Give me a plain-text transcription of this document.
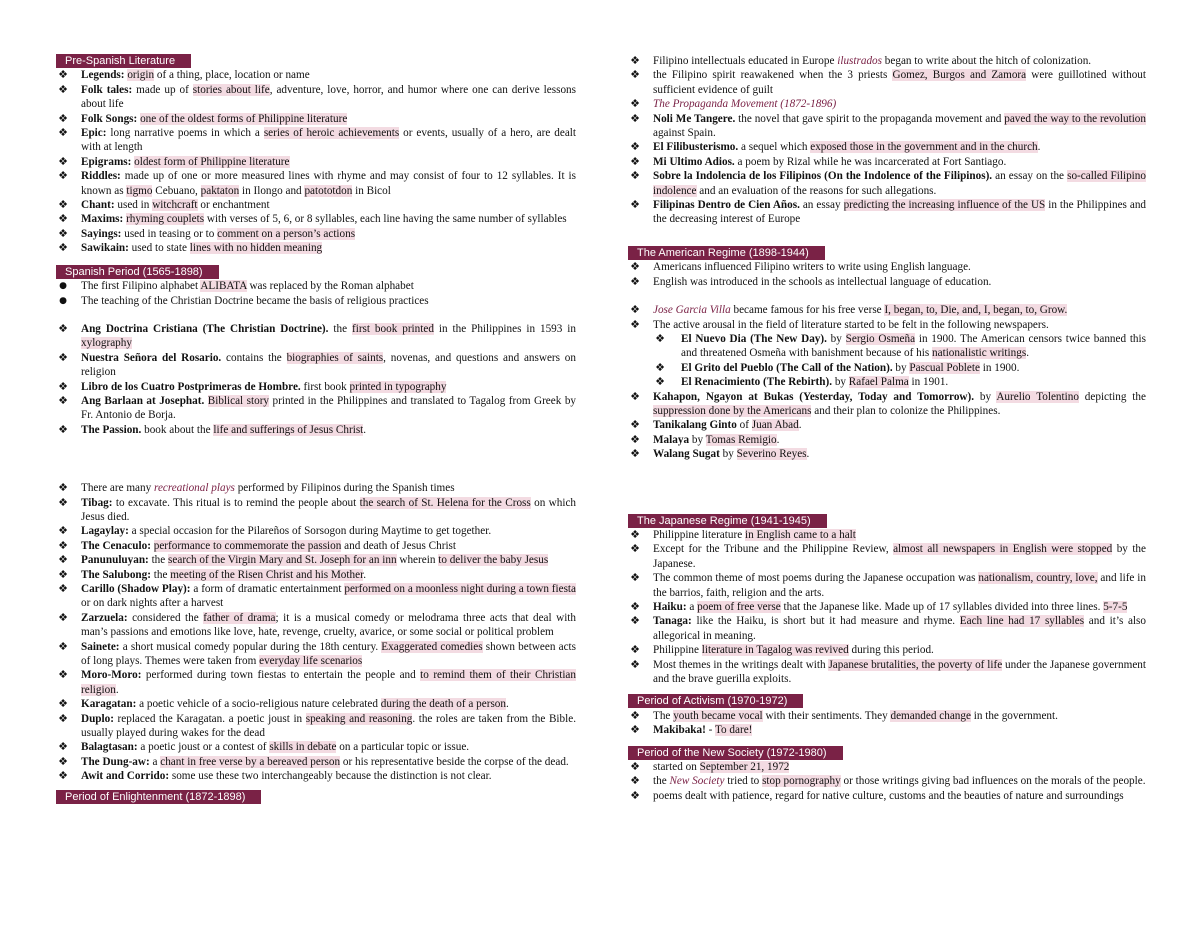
Pre-Spanish Literature
❖ Legends: origin of a thing, place, location or name
❖ Folk tales: made up of stories about life, adventure, love, horror, and humor where one can derive lessons about life
❖ Folk Songs: one of the oldest forms of Philippine literature
❖ Epic: long narrative poems in which a series of heroic achievements or events, usually of a hero, are dealt with at length
❖ Epigrams: oldest form of Philippine literature
❖ Riddles: made up of one or more measured lines with rhyme and may consist of four to 12 syllables. It is known as tigmo Cebuano, paktaton in Ilongo and patototdon in Bicol
❖ Chant: used in witchcraft or enchantment
❖ Maxims: rhyming couplets with verses of 5, 6, or 8 syllables, each line having the same number of syllables
❖ Sayings: used in teasing or to comment on a person’s actions
❖ Sawikain: used to state lines with no hidden meaning
Spanish Period (1565-1898)
● The first Filipino alphabet ALIBATA was replaced by the Roman alphabet
● The teaching of the Christian Doctrine became the basis of religious practices
❖ Ang Doctrina Cristiana (The Christian Doctrine). the first book printed in the Philippines in 1593 in xylography
❖ Nuestra Señora del Rosario. contains the biographies of saints, novenas, and questions and answers on religion
❖ Libro de los Cuatro Postprimeras de Hombre. first book printed in typography
❖ Ang Barlaan at Josephat. Biblical story printed in the Philippines and translated to Tagalog from Greek by Fr. Antonio de Borja.
❖ The Passion. book about the life and sufferings of Jesus Christ.
❖ There are many recreational plays performed by Filipinos during the Spanish times
❖ Tibag: to excavate. This ritual is to remind the people about the search of St. Helena for the Cross on which Jesus died.
❖ Lagaylay: a special occasion for the Pilareños of Sorsogon during Maytime to get together.
❖ The Cenaculo: performance to commemorate the passion and death of Jesus Christ
❖ Panunuluyan: the search of the Virgin Mary and St. Joseph for an inn wherein to deliver the baby Jesus
❖ The Salubong: the meeting of the Risen Christ and his Mother.
❖ Carillo (Shadow Play): a form of dramatic entertainment performed on a moonless night during a town fiesta or on dark nights after a harvest
❖ Zarzuela: considered the father of drama; it is a musical comedy or melodrama three acts that deal with man’s passions and emotions like love, hate, revenge, cruelty, avarice, or some social or political problem
❖ Sainete: a short musical comedy popular during the 18th century. Exaggerated comedies shown between acts of long plays. Themes were taken from everyday life scenarios
❖ Moro-Moro: performed during town fiestas to entertain the people and to remind them of their Christian religion.
❖ Karagatan: a poetic vehicle of a socio-religious nature celebrated during the death of a person.
❖ Duplo: replaced the Karagatan. a poetic joust in speaking and reasoning. the roles are taken from the Bible. usually played during wakes for the dead
❖ Balagtasan: a poetic joust or a contest of skills in debate on a particular topic or issue.
❖ The Dung-aw: a chant in free verse by a bereaved person or his representative beside the corpse of the dead.
❖ Awit and Corrido: some use these two interchangeably because the distinction is not clear.
Period of Enlightenment (1872-1898)
❖ Filipino intellectuals educated in Europe ilustrados began to write about the hitch of colonization.
❖ the Filipino spirit reawakened when the 3 priests Gomez, Burgos and Zamora were guillotined without sufficient evidence of guilt
❖ The Propaganda Movement (1872-1896)
❖ Noli Me Tangere. the novel that gave spirit to the propaganda movement and paved the way to the revolution against Spain.
❖ El Filibusterismo. a sequel which exposed those in the government and in the church.
❖ Mi Ultimo Adios. a poem by Rizal while he was incarcerated at Fort Santiago.
❖ Sobre la Indolencia de los Filipinos (On the Indolence of the Filipinos). an essay on the so-called Filipino indolence and an evaluation of the reasons for such allegations.
❖ Filipinas Dentro de Cien Años. an essay predicting the increasing influence of the US in the Philippines and the decreasing interest of Europe
The American Regime (1898-1944)
❖ Americans influenced Filipino writers to write using English language.
❖ English was introduced in the schools as intellectual language of education.
❖ Jose Garcia Villa became famous for his free verse I, began, to, Die, and, I, began, to, Grow.
❖ The active arousal in the field of literature started to be felt in the following newspapers.
❖ El Nuevo Dia (The New Day). by Sergio Osmeña in 1900. The American censors twice banned this and threatened Osmeña with banishment because of his nationalistic writings.
❖ El Grito del Pueblo (The Call of the Nation). by Pascual Poblete in 1900.
❖ El Renacimiento (The Rebirth). by Rafael Palma in 1901.
❖ Kahapon, Ngayon at Bukas (Yesterday, Today and Tomorrow). by Aurelio Tolentino depicting the suppression done by the Americans and their plan to colonize the Philippines.
❖ Tanikalang Ginto of Juan Abad.
❖ Malaya by Tomas Remigio.
❖ Walang Sugat by Severino Reyes.
The Japanese Regime (1941-1945)
❖ Philippine literature in English came to a halt
❖ Except for the Tribune and the Philippine Review, almost all newspapers in English were stopped by the Japanese.
❖ The common theme of most poems during the Japanese occupation was nationalism, country, love, and life in the barrios, faith, religion and the arts.
❖ Haiku: a poem of free verse that the Japanese like. Made up of 17 syllables divided into three lines. 5-7-5
❖ Tanaga: like the Haiku, is short but it had measure and rhyme. Each line had 17 syllables and it’s also allegorical in meaning.
❖ Philippine literature in Tagalog was revived during this period.
❖ Most themes in the writings dealt with Japanese brutalities, the poverty of life under the Japanese government and the brave guerilla exploits.
Period of Activism (1970-1972)
❖ The youth became vocal with their sentiments. They demanded change in the government.
❖ Makibaka! - To dare!
Period of the New Society (1972-1980)
❖ started on September 21, 1972
❖ the New Society tried to stop pornography or those writings giving bad influences on the morals of the people.
❖ poems dealt with patience, regard for native culture, customs and the beauties of nature and surroundings
